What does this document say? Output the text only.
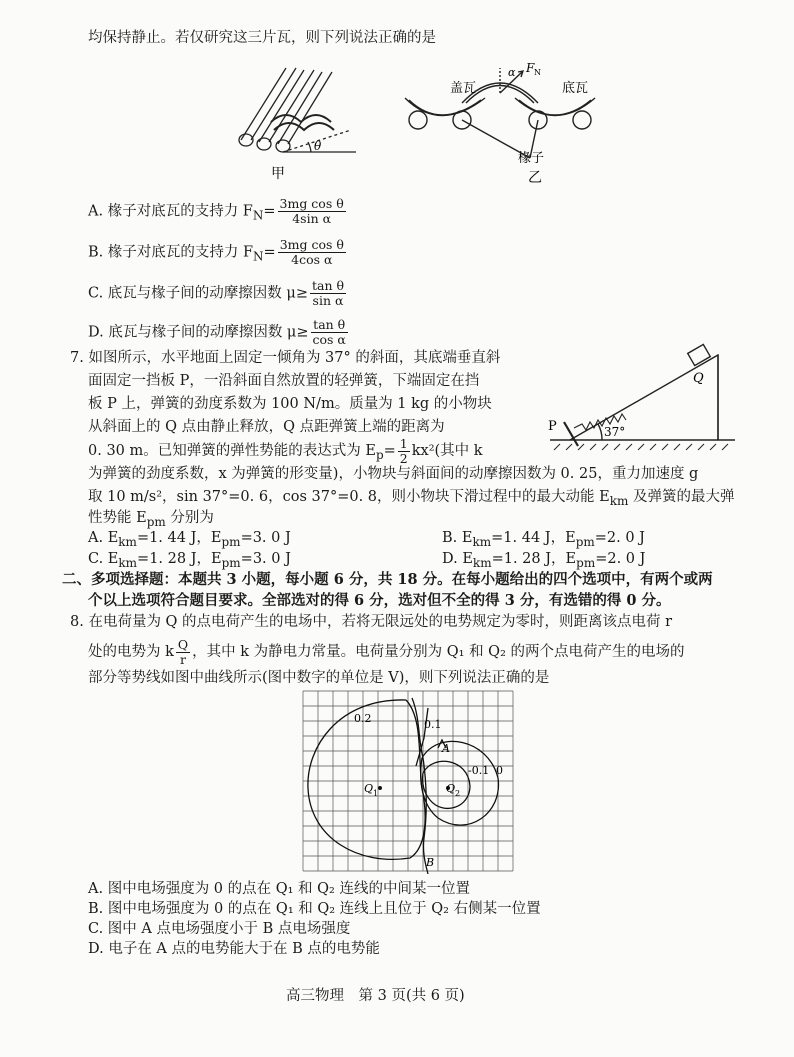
均保持静止。若仅研究这三片瓦，则下列说法正确的是
θ
甲
盖瓦	底瓦
α F N
椽子
乙
A. 椽子对底瓦的支持力 $F_N= \frac{\text{3mg cos θ}}{\text{4sin α}}$
B. 椽子对底瓦的支持力 $F_N= \frac{\text{3mg cos θ}}{\text{4cos α}}$
C. 底瓦与椽子间的动摩擦因数 $\mu\ge \frac{\text{tan θ}}{\text{sin α}}$
D. 底瓦与椽子间的动摩擦因数 $\mu\ge \frac{\text{tan θ}}{\text{cos α}}$
7. 如图所示，水平地面上固定一倾角为 37° 的斜面，其底端垂直斜
面固定一挡板 P，一沿斜面自然放置的轻弹簧，下端固定在挡
板 P 上，弹簧的劲度系数为 100 N/m。质量为 1 kg 的小物块
从斜面上的 Q 点由静止释放，Q 点距弹簧上端的距离为
0. 30 m。已知弹簧的弹性势能的表达式为 $E_p= \frac{1}{2} kx^2$(其中 k
为弹簧的劲度系数，x 为弹簧的形变量)，小物块与斜面间的动摩擦因数为 0. 25，重力加速度 g
取 10 m/s²，sin 37°=0. 6，cos 37°=0. 8，则小物块下滑过程中的最大动能 $E_{km}$ 及弹簧的最大弹
性势能 $E_{pm}$ 分别为
Q
P	37°
A. $E_{km}=1$. 44 J，$E_{pm}=3$. 0 J	B. $E_{km}=1$. 44 J，$E_{pm}=2$. 0 J
C. $E_{km}=1$. 28 J，$E_{pm}=3$. 0 J	D. $E_{km}=1$. 28 J，$E_{pm}=2$. 0 J
二、多项选择题：本题共 3 小题，每小题 6 分，共 18 分。在每小题给出的四个选项中，有两个或两
个以上选项符合题目要求。全部选对的得 6 分，选对但不全的得 3 分，有选错的得 0 分。
8. 在电荷量为 Q 的点电荷产生的电场中，若将无限远处的电势规定为零时，则距离该点电荷 r
处的电势为 k $\frac{Q}{r}$ ，其中 k 为静电力常量。电荷量分别为 Q₁ 和 Q₂ 的两个点电荷产生的电场的
部分等势线如图中曲线所示(图中数字的单位是 V)，则下列说法正确的是
0.2	0.1
-0.1 0
A
B
Q 1	Q 2
A. 图中电场强度为 0 的点在 Q₁ 和 Q₂ 连线的中间某一位置
B. 图中电场强度为 0 的点在 Q₁ 和 Q₂ 连线上且位于 Q₂ 右侧某一位置
C. 图中 A 点电场强度小于 B 点电场强度
D. 电子在 A 点的电势能大于在 B 点的电势能
高三物理　第 3 页(共 6 页)
